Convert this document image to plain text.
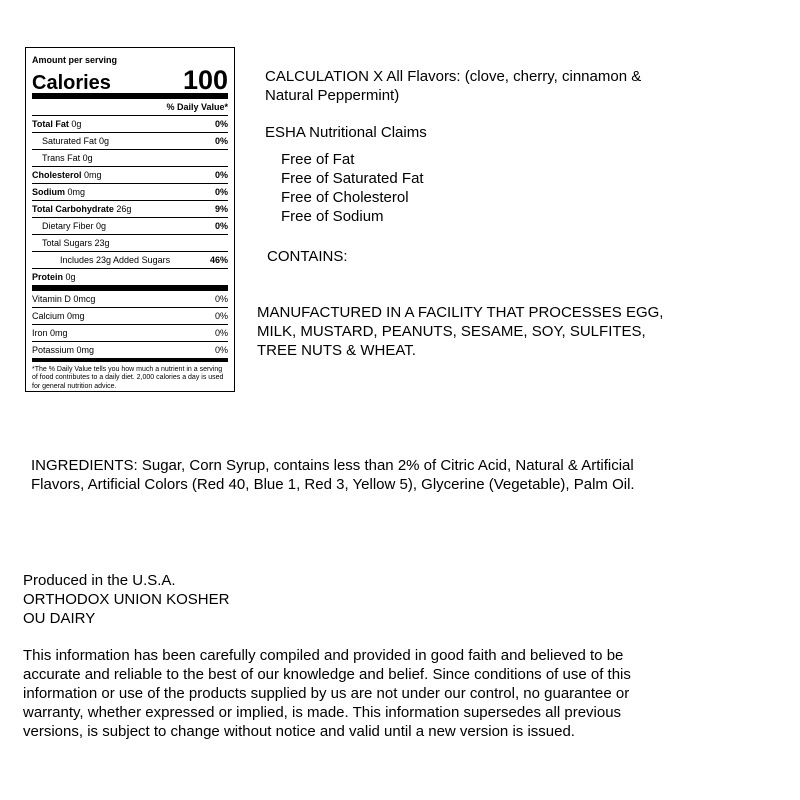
Amount per serving
Calories	100
% Daily Value*
Total Fat 0g	0%
Saturated Fat 0g	0%
Trans Fat 0g
Cholesterol 0mg	0%
Sodium 0mg	0%
Total Carbohydrate 26g	9%
Dietary Fiber 0g	0%
Total Sugars 23g
Includes 23g Added Sugars	46%
Protein 0g
Vitamin D 0mcg	0%
Calcium 0mg	0%
Iron 0mg	0%
Potassium 0mg	0%
*The % Daily Value tells you how much a nutrient in a serving of food contributes to a daily diet. 2,000 calories a day is used for general nutrition advice.
CALCULATION X All Flavors: (clove, cherry, cinnamon &
Natural Peppermint)
ESHA Nutritional Claims
Free of Fat
Free of Saturated Fat
Free of Cholesterol
Free of Sodium
CONTAINS:
MANUFACTURED IN A FACILITY THAT PROCESSES EGG,
MILK, MUSTARD, PEANUTS, SESAME, SOY, SULFITES,
TREE NUTS & WHEAT.
INGREDIENTS: Sugar, Corn Syrup, contains less than 2% of Citric Acid, Natural & Artificial
Flavors, Artificial Colors (Red 40, Blue 1, Red 3, Yellow 5), Glycerine (Vegetable), Palm Oil.
Produced in the U.S.A.
ORTHODOX UNION KOSHER
OU DAIRY
This information has been carefully compiled and provided in good faith and believed to be
accurate and reliable to the best of our knowledge and belief. Since conditions of use of this
information or use of the products supplied by us are not under our control, no guarantee or
warranty, whether expressed or implied, is made. This information supersedes all previous
versions, is subject to change without notice and valid until a new version is issued.
